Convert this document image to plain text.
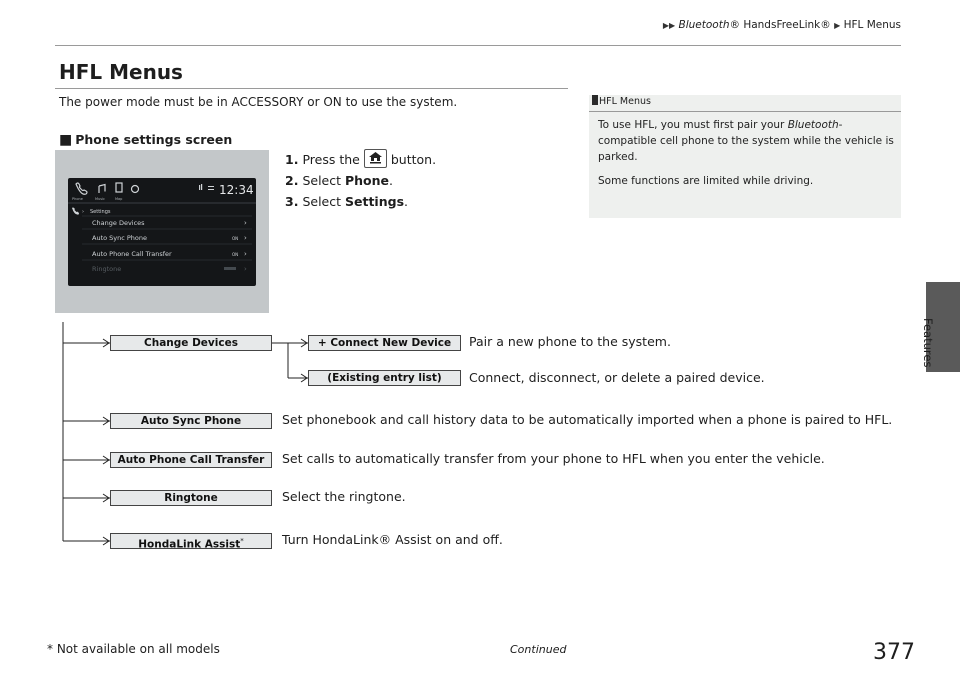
▶▶ Bluetooth® HandsFreeLink® ▶ HFL Menus
HFL Menus
The power mode must be in ACCESSORY or ON to use the system.
■ Phone settings screen
1. Press the button.
2. Select Phone.
3. Select Settings.
Phone	Music	Map
12:34
› Settings
Change Devices	›
Auto Sync Phone	ON ›
Auto Phone Call Transfer	ON ›
Ringtone	›
HFL Menus
To use HFL, you must first pair your Bluetooth-compatible cell phone to the system while the vehicle is parked.
Some functions are limited while driving.
Features
Change Devices	+ Connect New Device	Pair a new phone to the system.
(Existing entry list)	Connect, disconnect, or delete a paired device.
Auto Sync Phone	Set phonebook and call history data to be automatically imported when a phone is paired to HFL.
Auto Phone Call Transfer	Set calls to automatically transfer from your phone to HFL when you enter the vehicle.
Ringtone	Select the ringtone.
HondaLink Assist*	Turn HondaLink® Assist on and off.
* Not available on all models	Continued	377
